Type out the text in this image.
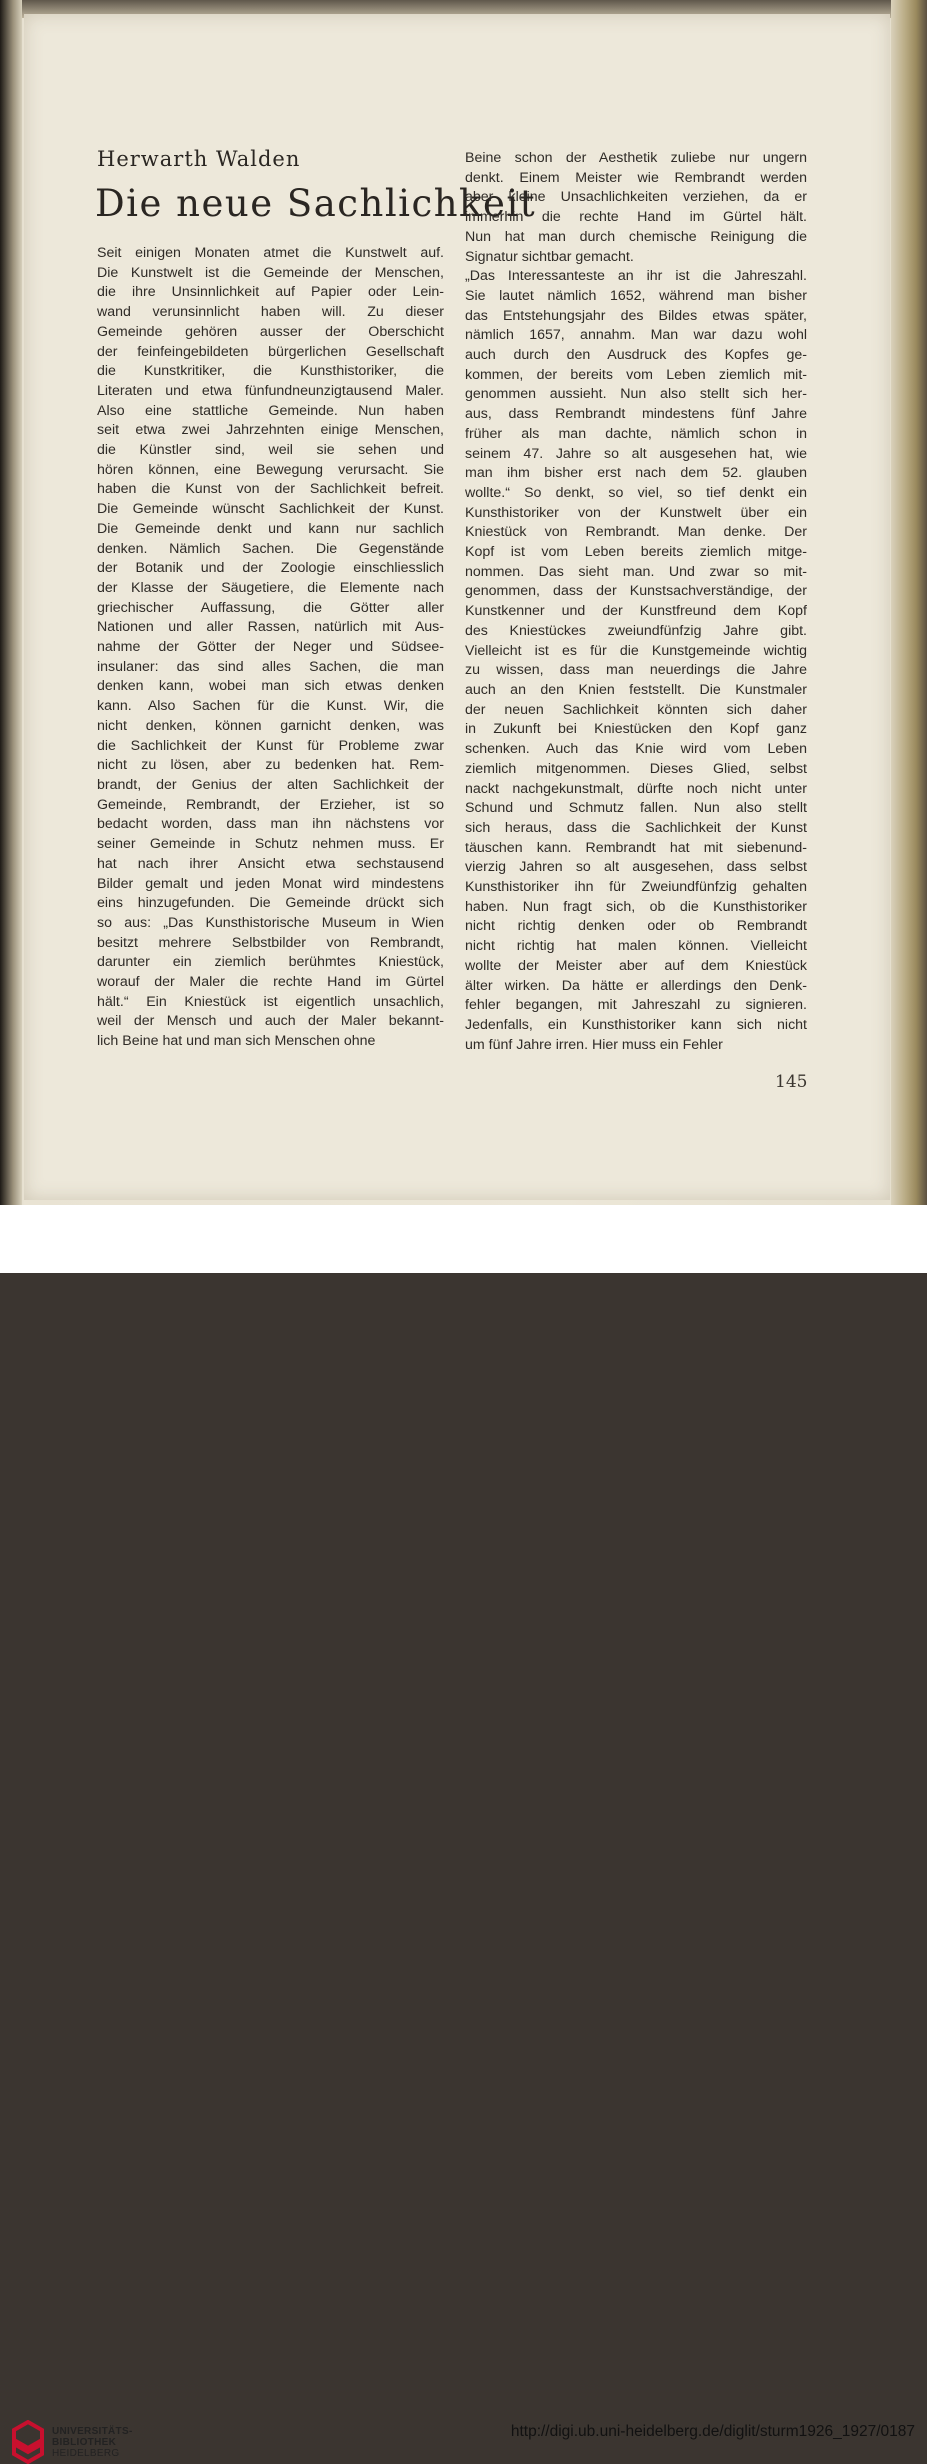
Herwarth Walden
Die neue Sachlichkeit
Seit einigen Monaten atmet die Kunstwelt auf.
Die Kunstwelt ist die Gemeinde der Menschen,
die ihre Unsinnlichkeit auf Papier oder Lein-
wand verunsinnlicht haben will. Zu dieser
Gemeinde gehören ausser der Oberschicht
der feinfeingebildeten bürgerlichen Gesellschaft
die Kunstkritiker, die Kunsthistoriker, die
Literaten und etwa fünfundneunzigtausend Maler.
Also eine stattliche Gemeinde. Nun haben
seit etwa zwei Jahrzehnten einige Menschen,
die Künstler sind, weil sie sehen und
hören können, eine Bewegung verursacht. Sie
haben die Kunst von der Sachlichkeit befreit.
Die Gemeinde wünscht Sachlichkeit der Kunst.
Die Gemeinde denkt und kann nur sachlich
denken. Nämlich Sachen. Die Gegenstände
der Botanik und der Zoologie einschliesslich
der Klasse der Säugetiere, die Elemente nach
griechischer Auffassung, die Götter aller
Nationen und aller Rassen, natürlich mit Aus-
nahme der Götter der Neger und Südsee-
insulaner: das sind alles Sachen, die man
denken kann, wobei man sich etwas denken
kann. Also Sachen für die Kunst. Wir, die
nicht denken, können garnicht denken, was
die Sachlichkeit der Kunst für Probleme zwar
nicht zu lösen, aber zu bedenken hat. Rem-
brandt, der Genius der alten Sachlichkeit der
Gemeinde, Rembrandt, der Erzieher, ist so
bedacht worden, dass man ihn nächstens vor
seiner Gemeinde in Schutz nehmen muss. Er
hat nach ihrer Ansicht etwa sechstausend
Bilder gemalt und jeden Monat wird mindestens
eins hinzugefunden. Die Gemeinde drückt sich
so aus: „Das Kunsthistorische Museum in Wien
besitzt mehrere Selbstbilder von Rembrandt,
darunter ein ziemlich berühmtes Kniestück,
worauf der Maler die rechte Hand im Gürtel
hält.“ Ein Kniestück ist eigentlich unsachlich,
weil der Mensch und auch der Maler bekannt-
lich Beine hat und man sich Menschen ohne
Beine schon der Aesthetik zuliebe nur ungern
denkt. Einem Meister wie Rembrandt werden
aber kleine Unsachlichkeiten verziehen, da er
immerhin die rechte Hand im Gürtel hält.
Nun hat man durch chemische Reinigung die
Signatur sichtbar gemacht.
„Das Interessanteste an ihr ist die Jahreszahl.
Sie lautet nämlich 1652, während man bisher
das Entstehungsjahr des Bildes etwas später,
nämlich 1657, annahm. Man war dazu wohl
auch durch den Ausdruck des Kopfes ge-
kommen, der bereits vom Leben ziemlich mit-
genommen aussieht. Nun also stellt sich her-
aus, dass Rembrandt mindestens fünf Jahre
früher als man dachte, nämlich schon in
seinem 47. Jahre so alt ausgesehen hat, wie
man ihm bisher erst nach dem 52. glauben
wollte.“ So denkt, so viel, so tief denkt ein
Kunsthistoriker von der Kunstwelt über ein
Kniestück von Rembrandt. Man denke. Der
Kopf ist vom Leben bereits ziemlich mitge-
nommen. Das sieht man. Und zwar so mit-
genommen, dass der Kunstsachverständige, der
Kunstkenner und der Kunstfreund dem Kopf
des Kniestückes zweiundfünfzig Jahre gibt.
Vielleicht ist es für die Kunstgemeinde wichtig
zu wissen, dass man neuerdings die Jahre
auch an den Knien feststellt. Die Kunstmaler
der neuen Sachlichkeit könnten sich daher
in Zukunft bei Kniestücken den Kopf ganz
schenken. Auch das Knie wird vom Leben
ziemlich mitgenommen. Dieses Glied, selbst
nackt nachgekunstmalt, dürfte noch nicht unter
Schund und Schmutz fallen. Nun also stellt
sich heraus, dass die Sachlichkeit der Kunst
täuschen kann. Rembrandt hat mit siebenund-
vierzig Jahren so alt ausgesehen, dass selbst
Kunsthistoriker ihn für Zweiundfünfzig gehalten
haben. Nun fragt sich, ob die Kunsthistoriker
nicht richtig denken oder ob Rembrandt
nicht richtig hat malen können. Vielleicht
wollte der Meister aber auf dem Kniestück
älter wirken. Da hätte er allerdings den Denk-
fehler begangen, mit Jahreszahl zu signieren.
Jedenfalls, ein Kunsthistoriker kann sich nicht
um fünf Jahre irren. Hier muss ein Fehler
145
UNIVERSITÄTS-
BIBLIOTHEK
HEIDELBERG
http://digi.ub.uni-heidelberg.de/diglit/sturm1926_1927/0187
